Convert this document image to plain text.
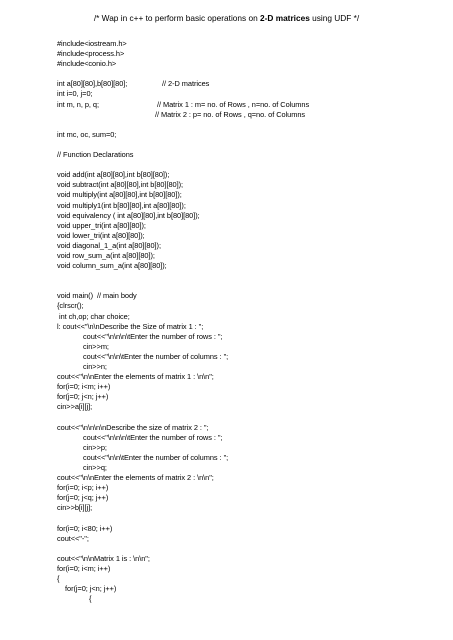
/* Wap in c++ to perform basic operations on 2-D matrices using UDF */
#include<iostream.h>
#include<process.h>
#include<conio.h>
int a[80][80],b[80][80];	// 2-D matrices
int i=0, j=0;
int m, n, p, q;	// Matrix 1 : m= no. of Rows , n=no. of Columns
// Matrix 2 : p= no. of Rows , q=no. of Columns
int mc, oc, sum=0;
// Function Declarations
void add(int a[80][80],int b[80][80]);
void subtract(int a[80][80],int b[80][80]);
void multiply(int a[80][80],int b[80][80]);
void multiply1(int b[80][80],int a[80][80]);
void equivalency ( int a[80][80],int b[80][80]);
void upper_tri(int a[80][80]);
void lower_tri(int a[80][80]);
void diagonal_1_a(int a[80][80]);
void row_sum_a(int a[80][80]);
void column_sum_a(int a[80][80]);
void main()  // main body
{clrscr();
int ch,op; char choice;
l: cout<<"\n\nDescribe the Size of matrix 1 : ";
cout<<"\n\n\n\tEnter the number of rows : ";
cin>>m;
cout<<"\n\n\tEnter the number of columns : ";
cin>>n;
cout<<"\n\nEnter the elements of matrix 1 : \n\n";
for(i=0; i<m; i++)
for(j=0; j<n; j++)
cin>>a[i][j];
cout<<"\n\n\n\nDescribe the size of matrix 2 : ";
cout<<"\n\n\n\tEnter the number of rows : ";
cin>>p;
cout<<"\n\n\tEnter the number of columns : ";
cin>>q;
cout<<"\n\nEnter the elements of matrix 2 : \n\n";
for(i=0; i<p; i++)
for(j=0; j<q; j++)
cin>>b[i][j];
for(i=0; i<80; i++)
cout<<"-";
cout<<"\n\nMatrix 1 is : \n\n";
for(i=0; i<m; i++)
{
for(j=0; j<n; j++)
{
